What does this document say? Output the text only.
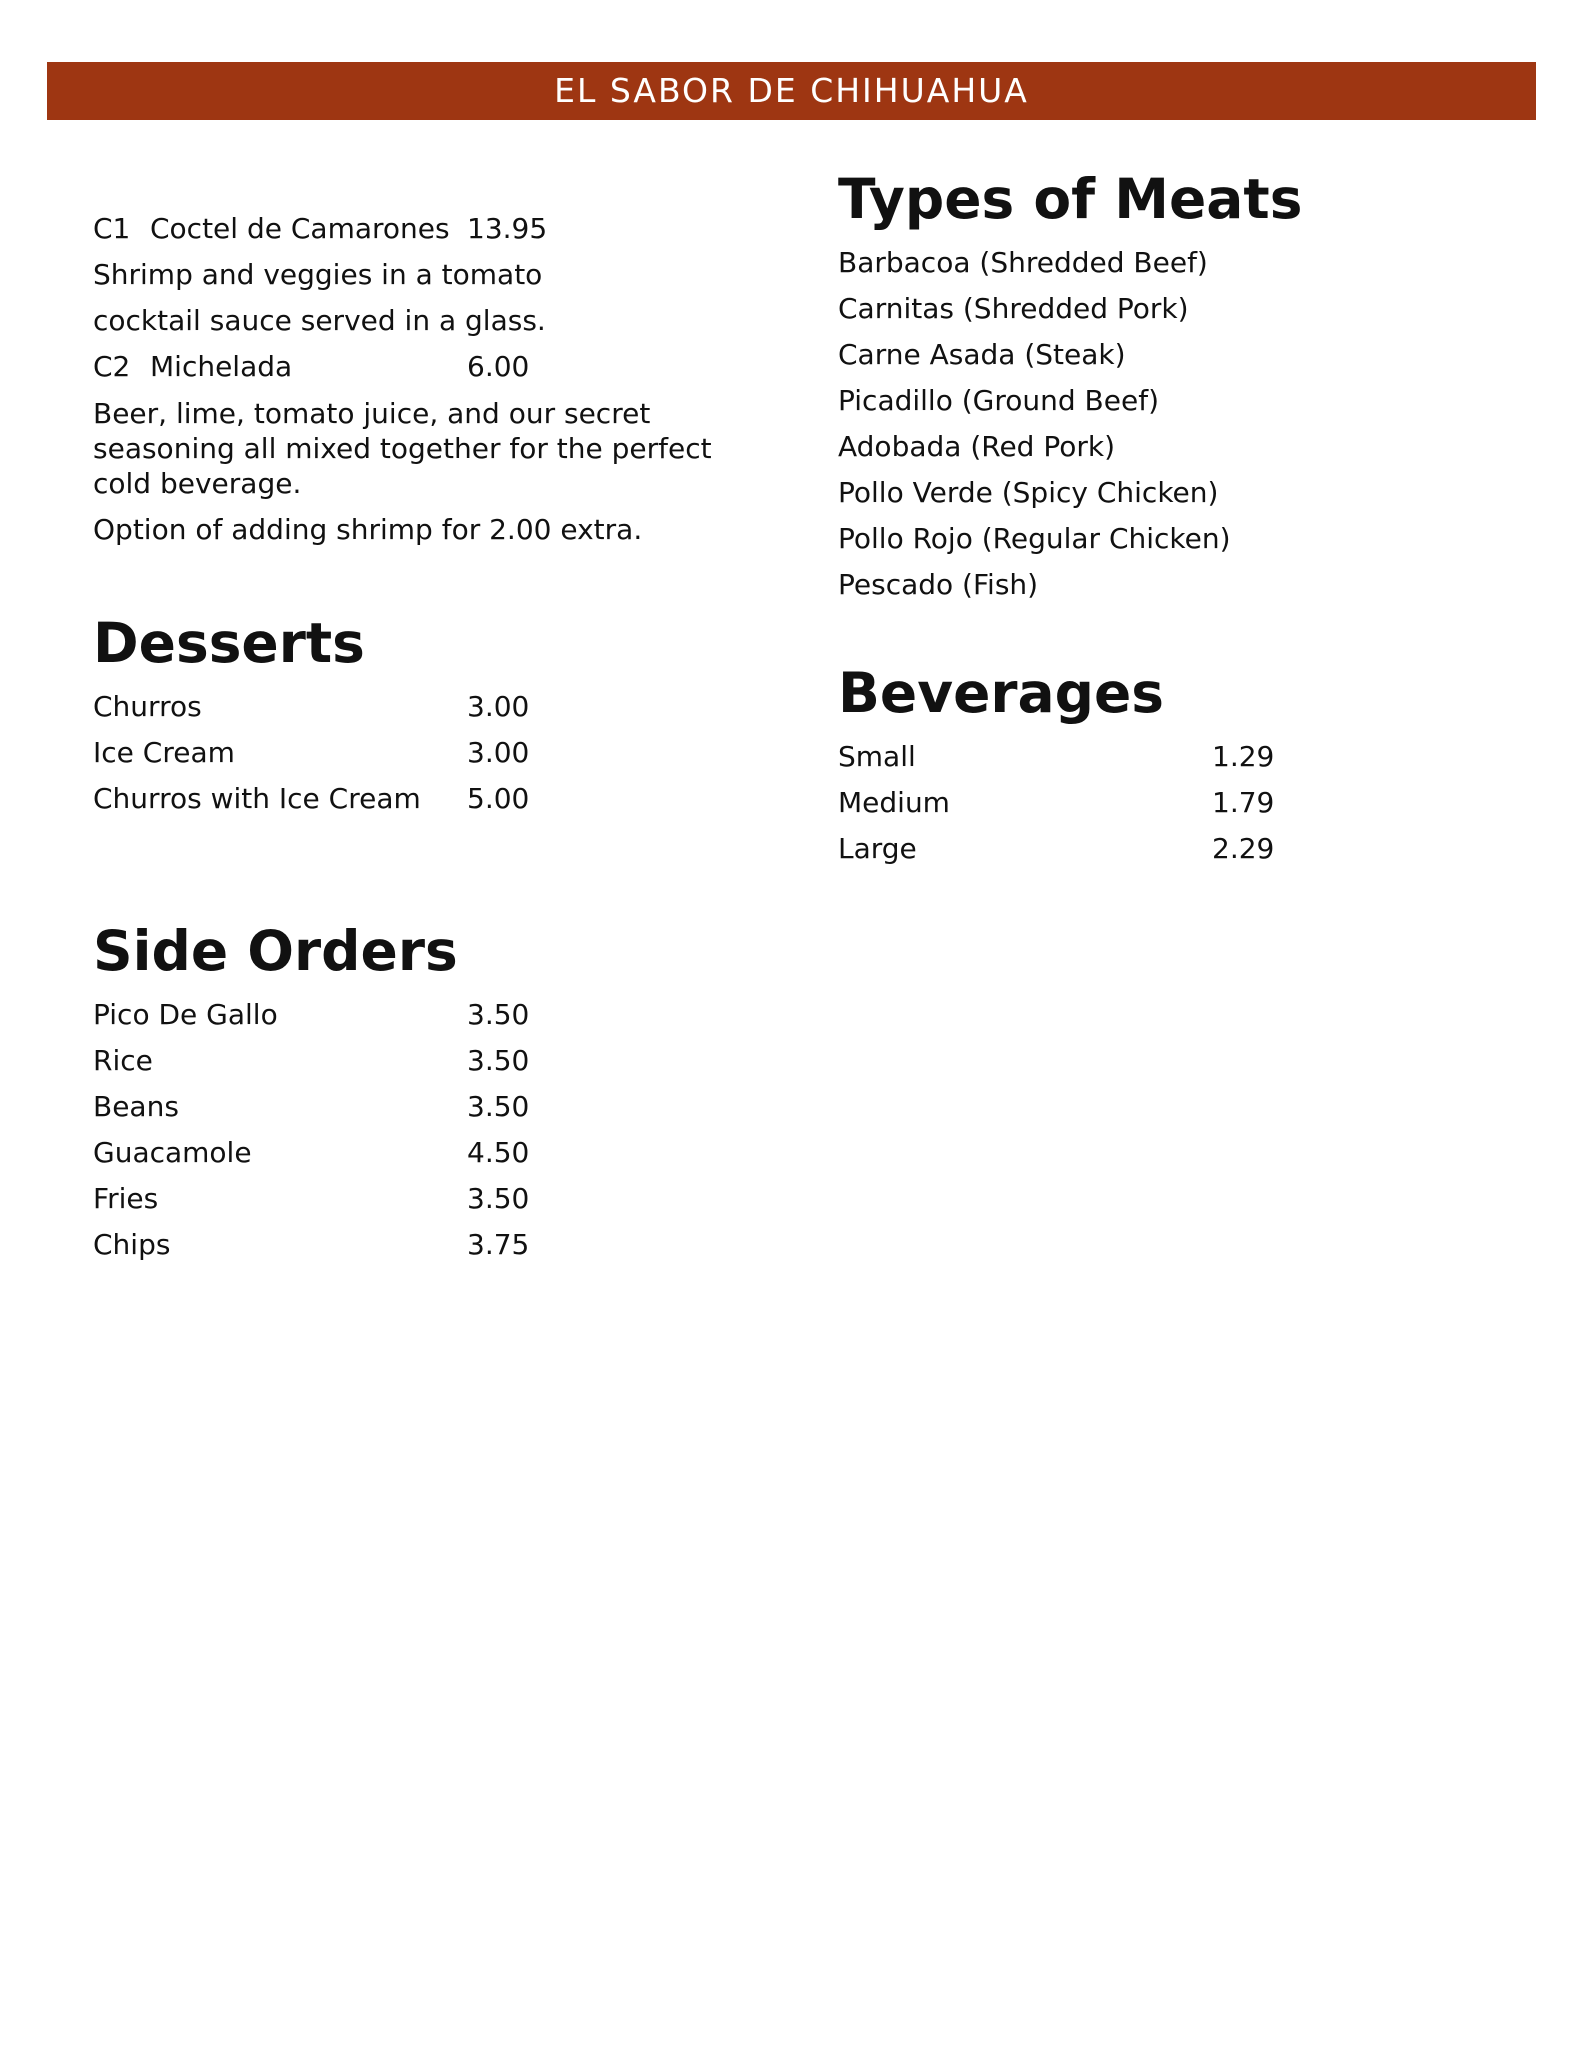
EL SABOR DE CHIHUAHUA
C1 Coctel de Camarones 13.95
Shrimp and veggies in a tomato
cocktail sauce served in a glass.
C2 Michelada	6.00
Beer, lime, tomato juice, and our secret seasoning all mixed together for the perfect cold beverage.
Option of adding shrimp for 2.00 extra.
Desserts
Churros	3.00
Ice Cream	3.00
Churros with Ice Cream 5.00
Side Orders
Pico De Gallo	3.50
Rice	3.50
Beans	3.50
Guacamole	4.50
Fries	3.50
Chips	3.75
Types of Meats
Barbacoa (Shredded Beef)
Carnitas (Shredded Pork)
Carne Asada (Steak)
Picadillo (Ground Beef)
Adobada (Red Pork)
Pollo Verde (Spicy Chicken)
Pollo Rojo (Regular Chicken)
Pescado (Fish)
Beverages
Small	1.29
Medium	1.79
Large	2.29
